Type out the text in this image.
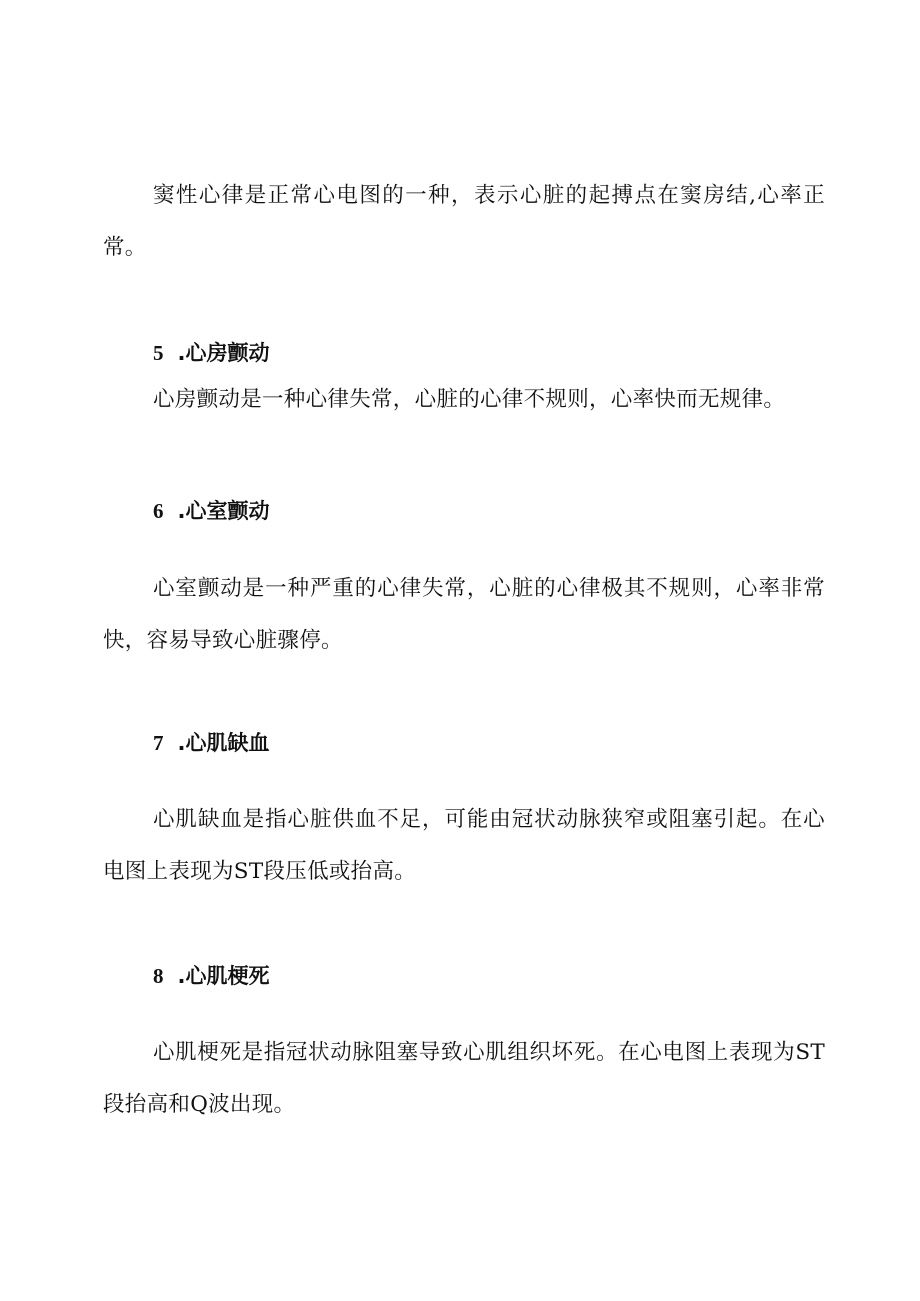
窦性心律是正常心电图的一种，表示心脏的起搏点在窦房结,心率正常。

5 .心房颤动

心房颤动是一种心律失常，心脏的心律不规则，心率快而无规律。

6 .心室颤动

心室颤动是一种严重的心律失常，心脏的心律极其不规则，心率非常快，容易导致心脏骤停。

7 .心肌缺血

心肌缺血是指心脏供血不足，可能由冠状动脉狭窄或阻塞引起。在心电图上表现为ST段压低或抬高。

8 .心肌梗死

心肌梗死是指冠状动脉阻塞导致心肌组织坏死。在心电图上表现为ST段抬高和Q波出现。
